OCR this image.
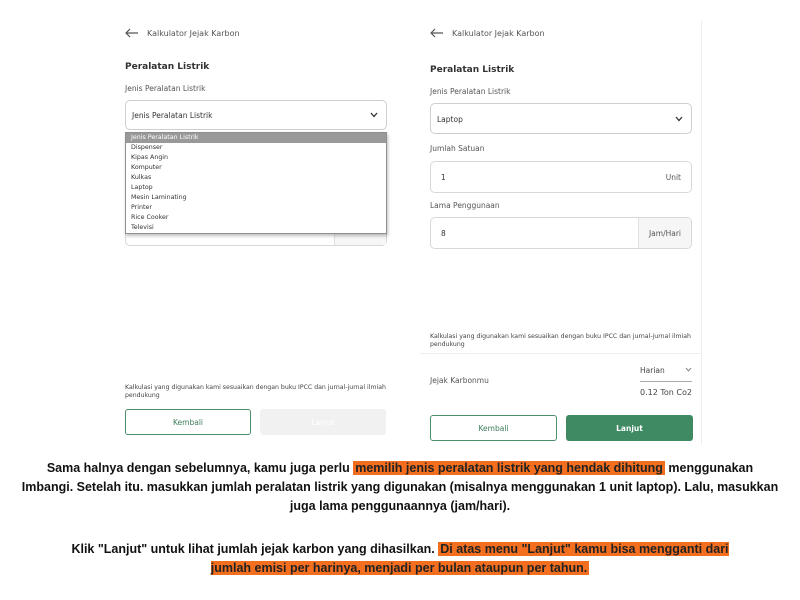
Kalkulator Jejak Karbon
Peralatan Listrik
Jenis Peralatan Listrik
Jenis Peralatan Listrik
Jenis Peralatan Listrik
Dispenser
Kipas Angin
Komputer
Kulkas
Laptop
Mesin Laminating
Printer
Rice Cooker
Televisi
Kalkulasi yang digunakan kami sesuaikan dengan buku IPCC dan jurnal-jurnal ilmiah pendukung
Kembali	Lanjut
Kalkulator Jejak Karbon
Peralatan Listrik
Jenis Peralatan Listrik
Laptop
Jumlah Satuan
1	Unit
Lama Penggunaan
8	Jam/Hari
Kalkulasi yang digunakan kami sesuaikan dengan buku IPCC dan jurnal-jurnal ilmiah pendukung
Jejak Karbonmu
Harian
0.12 Ton Co2
Kembali	Lanjut
Sama halnya dengan sebelumnya, kamu juga perlu memilih jenis peralatan listrik yang hendak dihitung menggunakan Imbangi. Setelah itu. masukkan jumlah peralatan listrik yang digunakan (misalnya menggunakan 1 unit laptop). Lalu, masukkan juga lama penggunaannya (jam/hari).
Klik "Lanjut" untuk lihat jumlah jejak karbon yang dihasilkan. Di atas menu "Lanjut" kamu bisa mengganti dari jumlah emisi per harinya, menjadi per bulan ataupun per tahun.
